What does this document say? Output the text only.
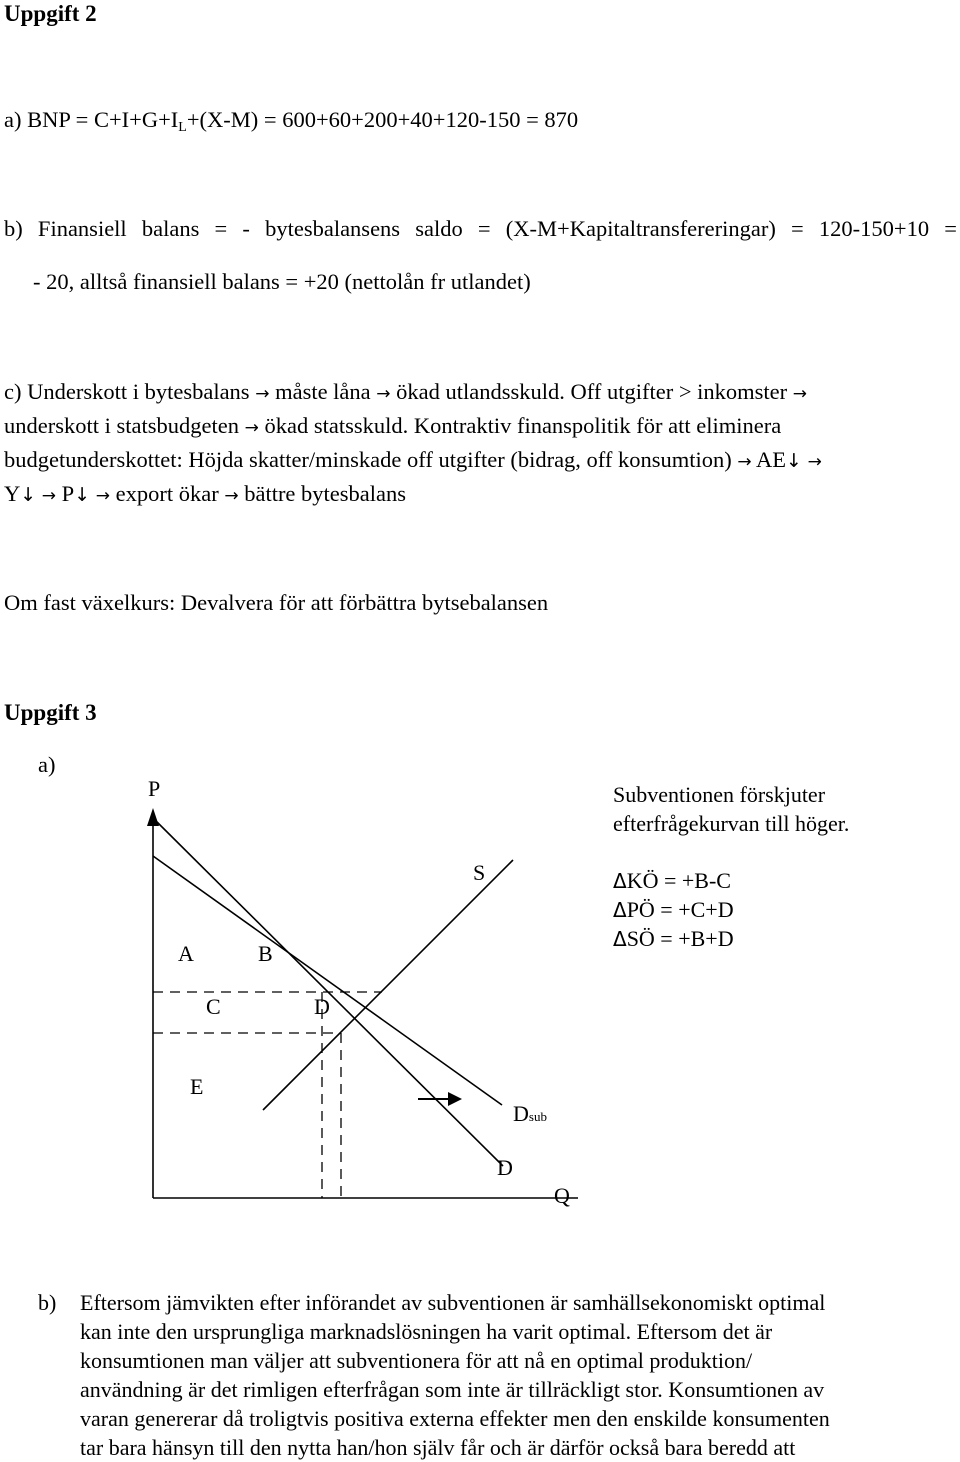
Uppgift 2
a) BNP = $C+I+G+I_L+(X-M) = 600+60+200+40+120-150 = 870$
b) Finansiell balans = - bytesbalansens saldo = (X-M+Kapitaltransfereringar) = 120-150+10 =
- 20, alltså finansiell balans = +20 (nettolån fr utlandet)
c) Underskott i bytesbalans → måste låna → ökad utlandsskuld. Off utgifter > inkomster →
underskott i statsbudgeten → ökad statsskuld. Kontraktiv finanspolitik för att eliminera
budgetunderskottet: Höjda skatter/minskade off utgifter (bidrag, off konsumtion) → AE↓ →
Y↓ → P↓ → export ökar → bättre bytesbalans
Om fast växelkurs: Devalvera för att förbättra bytsebalansen
Uppgift 3
a)
P
S
A	B
C	D
E
Dsub
D
Q
Subventionen förskjuter
efterfrågekurvan till höger.
ΔKÖ = +B-C
ΔPÖ = +C+D
ΔSÖ = +B+D
b) Eftersom jämvikten efter införandet av subventionen är samhällsekonomiskt optimal
kan inte den ursprungliga marknadslösningen ha varit optimal. Eftersom det är
konsumtionen man väljer att subventionera för att nå en optimal produktion/
användning är det rimligen efterfrågan som inte är tillräckligt stor. Konsumtionen av
varan genererar då troligtvis positiva externa effekter men den enskilde konsumenten
tar bara hänsyn till den nytta han/hon själv får och är därför också bara beredd att
